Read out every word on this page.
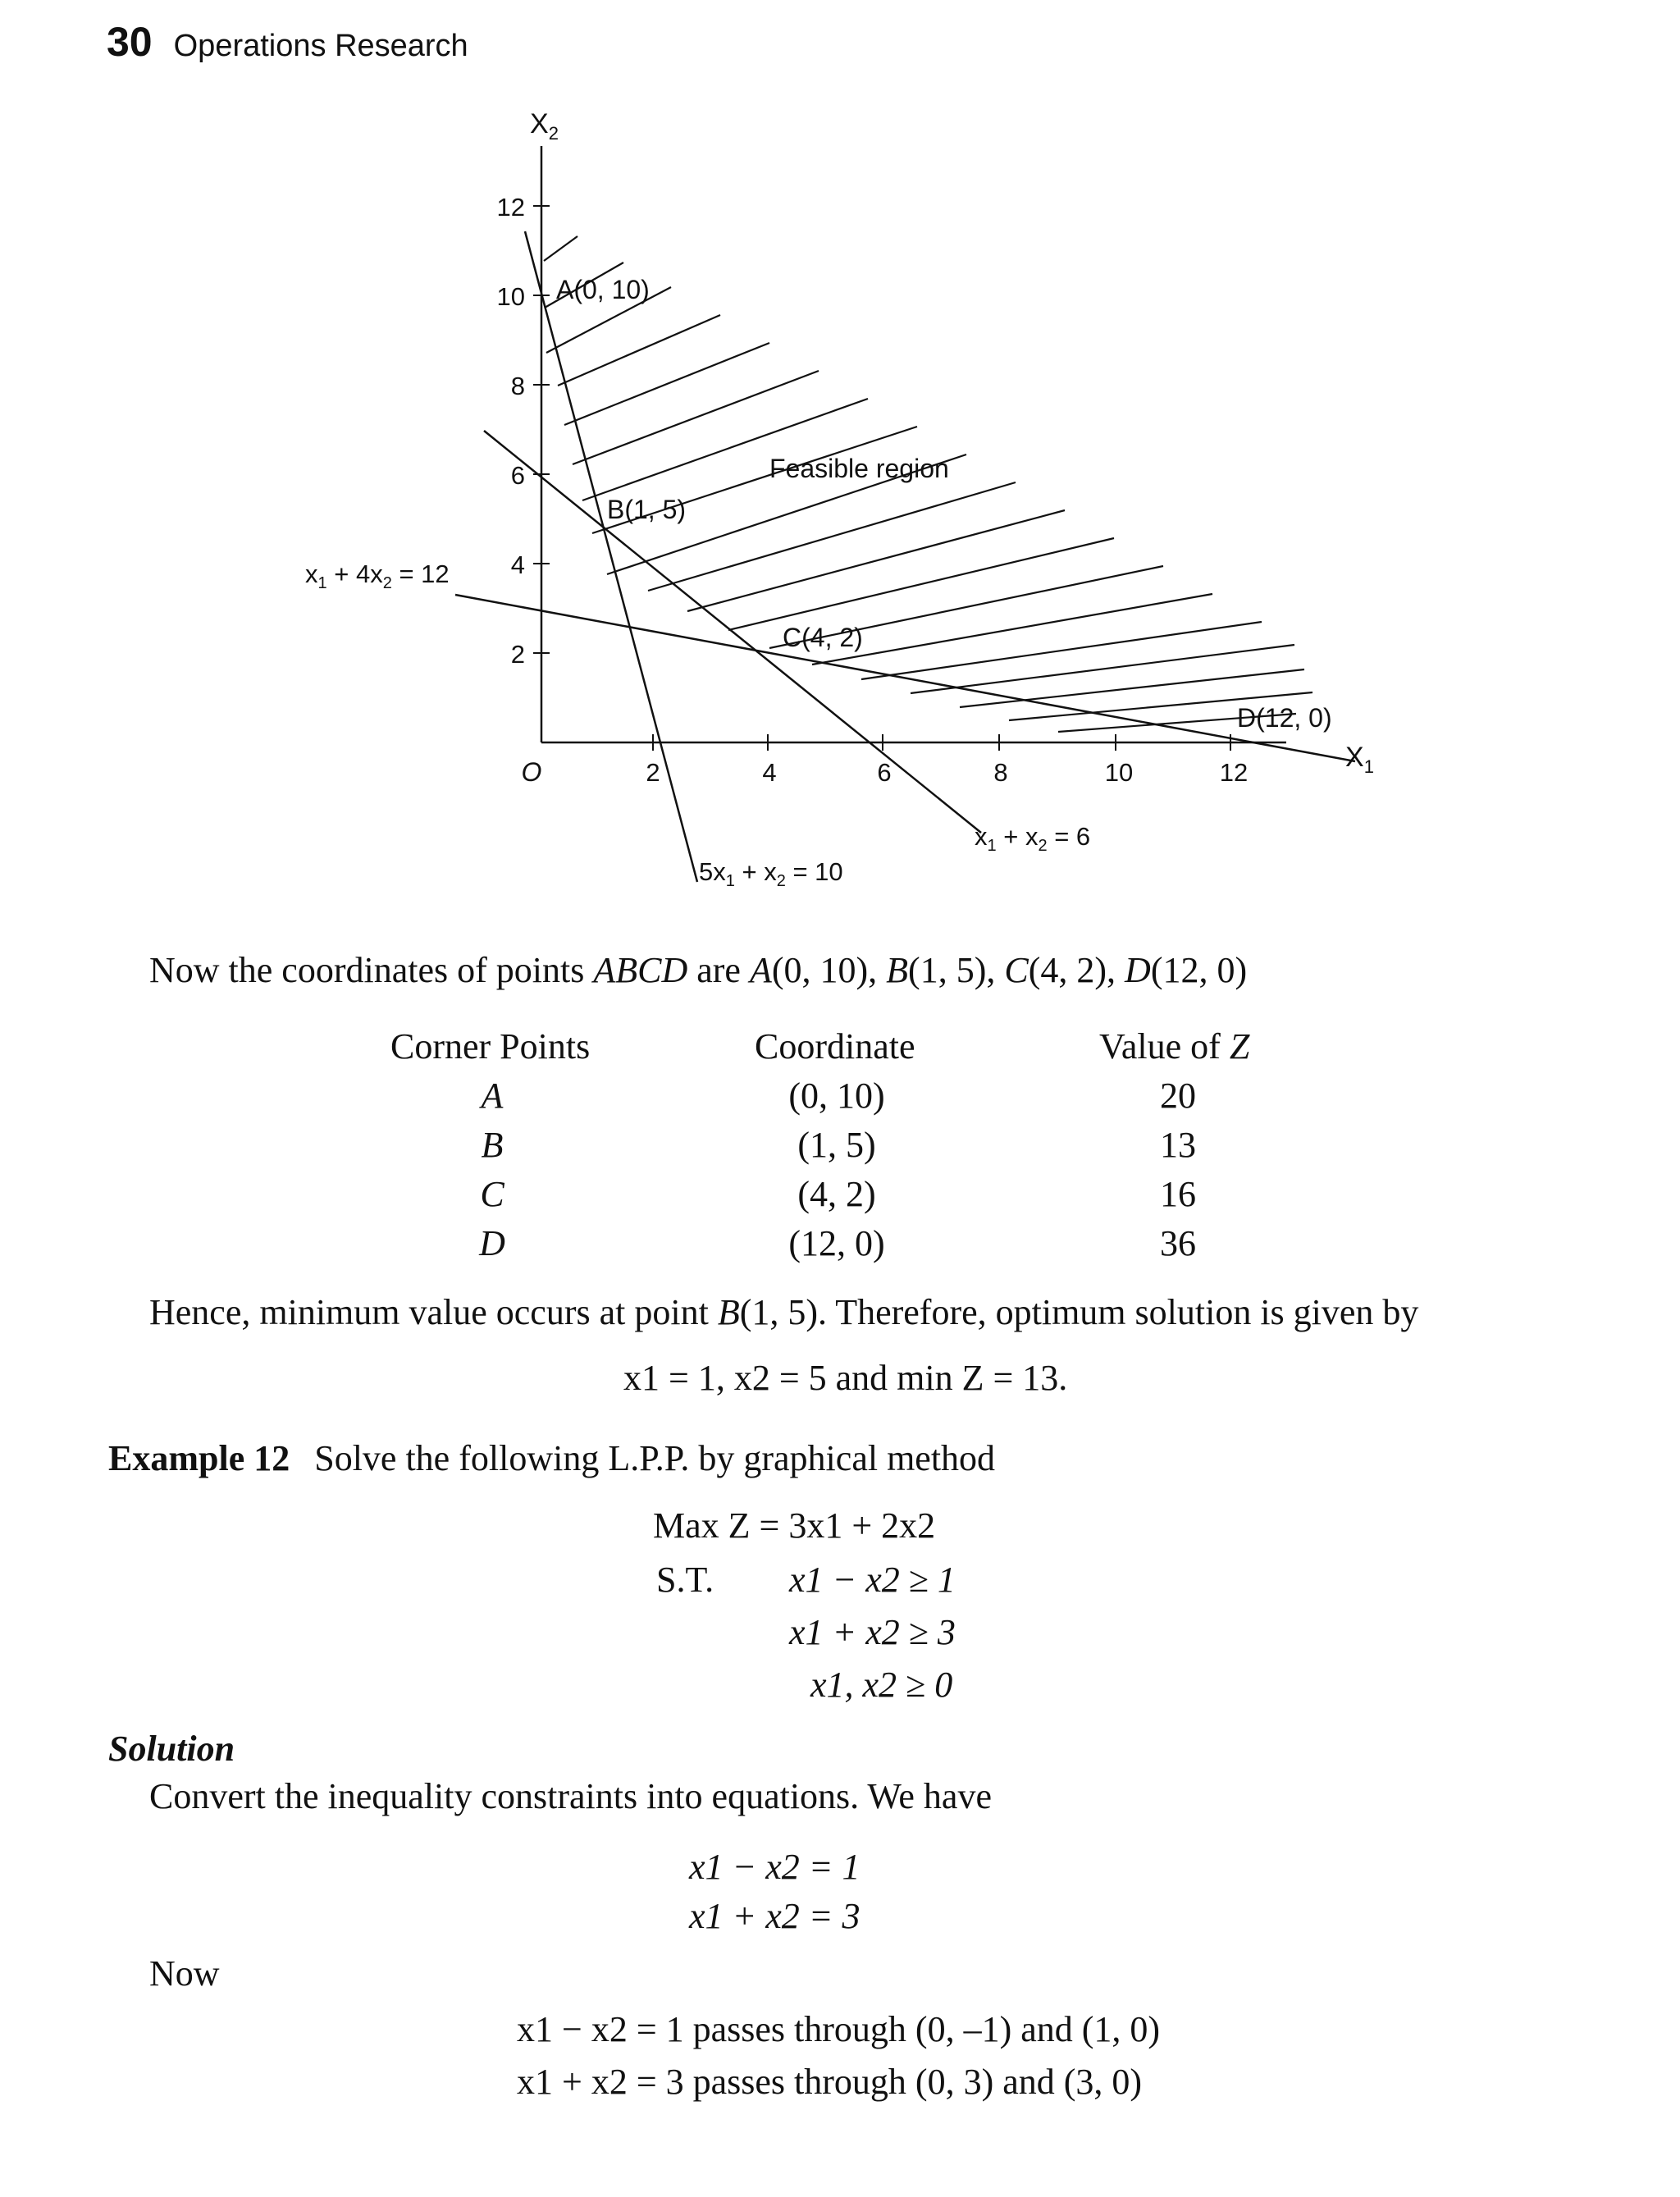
30 Operations Research
2
4
6
8
10
12
2	4	6	8	10	12
O
$X_2$
$X_1$
A(0, 10)
B(1, 5)
C(4, 2)
D(12, 0)
Feasible region
$x_1 + 4x_2 = 12$
$x_1 + x_2 = 6$
$5x_1 + x_2 = 10$
Now the coordinates of points ABCD are A(0, 10), B(1, 5), C(4, 2), D(12, 0)
Corner Points	Coordinate	Value of Z
A	(0, 10)	20
B	(1, 5)	13
C	(4, 2)	16
D	(12, 0)	36
Hence, minimum value occurs at point B(1, 5). Therefore, optimum solution is given by
x1 = 1, x2 = 5 and min Z = 13.
Example 12 Solve the following L.P.P. by graphical method
Max Z = 3x1 + 2x2
S.T. x1 − x2 ≥ 1
x1 + x2 ≥ 3
x1, x2 ≥ 0
Solution
Convert the inequality constraints into equations. We have
x1 − x2 = 1
x1 + x2 = 3
Now
x1 − x2 = 1 passes through (0, –1) and (1, 0)
x1 + x2 = 3 passes through (0, 3) and (3, 0)
